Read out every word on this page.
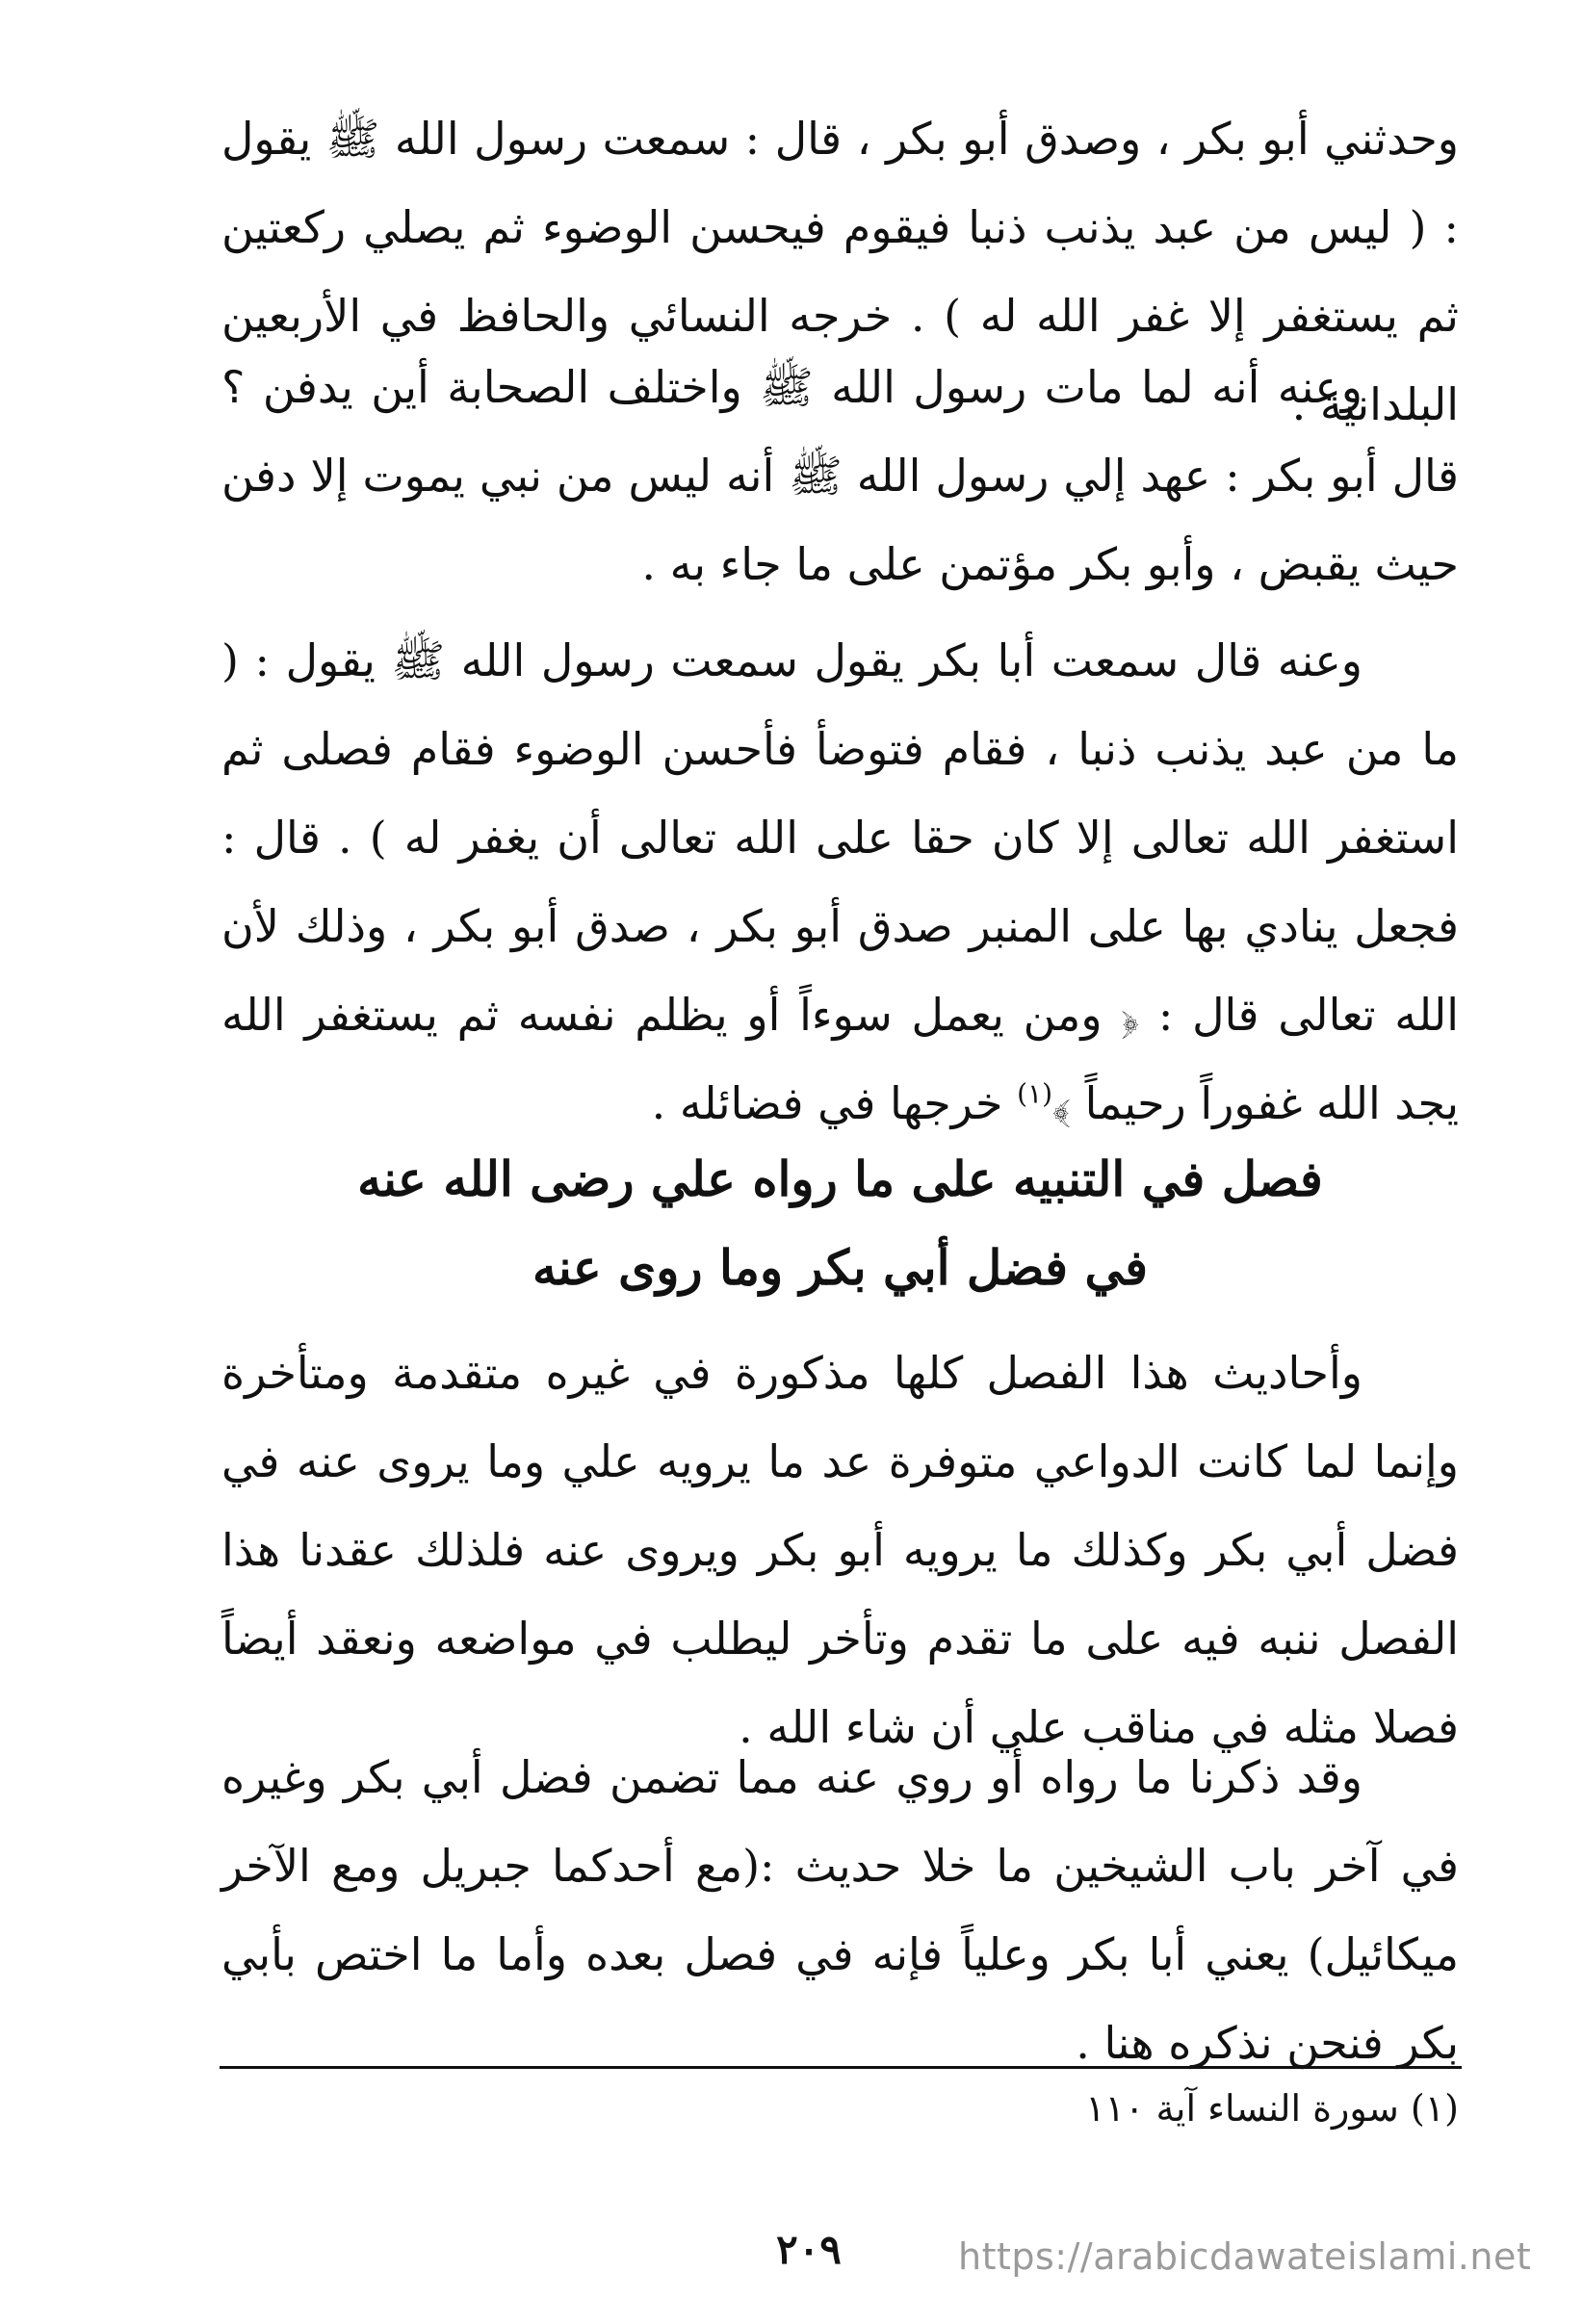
وحدثني أبو بكر ، وصدق أبو بكر ، قال : سمعت رسول الله ﷺ يقول : ( ليس من عبد يذنب ذنبا فيقوم فيحسن الوضوء ثم يصلي ركعتين ثم يستغفر إلا غفر الله له ) . خرجه النسائي والحافظ في الأربعين البلدانية .

وعنه أنه لما مات رسول الله ﷺ واختلف الصحابة أين يدفن ؟ قال أبو بكر : عهد إلي رسول الله ﷺ أنه ليس من نبي يموت إلا دفن حيث يقبض ، وأبو بكر مؤتمن على ما جاء به .

وعنه قال سمعت أبا بكر يقول سمعت رسول الله ﷺ يقول : ( ما من عبد يذنب ذنبا ، فقام فتوضأ فأحسن الوضوء فقام فصلى ثم استغفر الله تعالى إلا كان حقا على الله تعالى أن يغفر له ) . قال : فجعل ينادي بها على المنبر صدق أبو بكر ، صدق أبو بكر ، وذلك لأن الله تعالى قال : ﴿ ومن يعمل سوءاً أو يظلم نفسه ثم يستغفر الله يجد الله غفوراً رحيماً ﴾$^{(١)}$ خرجها في فضائله .

فصل في التنبيه على ما رواه علي رضى الله عنه
في فضل أبي بكر وما روى عنه

وأحاديث هذا الفصل كلها مذكورة في غيره متقدمة ومتأخرة وإنما لما كانت الدواعي متوفرة عد ما يرويه علي وما يروى عنه في فضل أبي بكر وكذلك ما يرويه أبو بكر ويروى عنه فلذلك عقدنا هذا الفصل ننبه فيه على ما تقدم وتأخر ليطلب في مواضعه ونعقد أيضاً فصلا مثله في مناقب علي أن شاء الله .

وقد ذكرنا ما رواه أو روي عنه مما تضمن فضل أبي بكر وغيره في آخر باب الشيخين ما خلا حديث :(مع أحدكما جبريل ومع الآخر ميكائيل) يعني أبا بكر وعلياً فإنه في فصل بعده وأما ما اختص بأبي بكر فنحن نذكره هنا .

(١) سورة النساء آية ١١٠
٢٠٩	https://arabicdawateislami.net
